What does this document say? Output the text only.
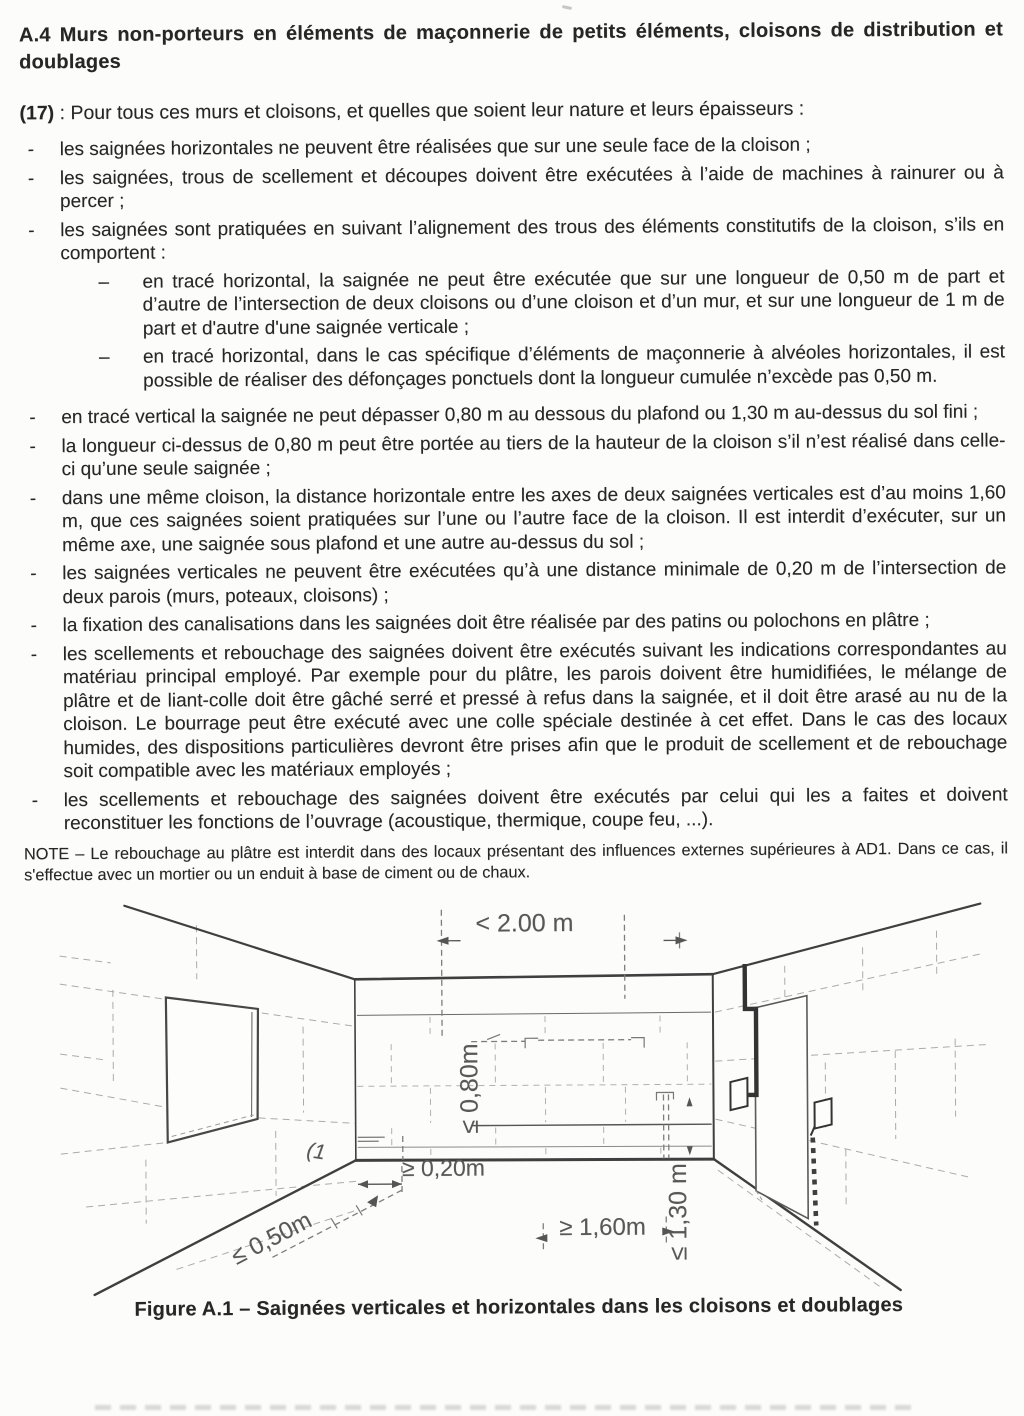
A.4 Murs non-porteurs en éléments de maçonnerie de petits éléments, cloisons de distribution et doublages

(17) : Pour tous ces murs et cloisons, et quelles que soient leur nature et leurs épaisseurs :

- les saignées horizontales ne peuvent être réalisées que sur une seule face de la cloison ;
- les saignées, trous de scellement et découpes doivent être exécutées à l’aide de machines à rainurer ou à percer ;
- les saignées sont pratiquées en suivant l’alignement des trous des éléments constitutifs de la cloison, s’ils en comportent :
– en tracé horizontal, la saignée ne peut être exécutée que sur une longueur de 0,50 m de part et d’autre de l’intersection de deux cloisons ou d’une cloison et d’un mur, et sur une longueur de 1 m de part et d'autre d'une saignée verticale ;
– en tracé horizontal, dans le cas spécifique d’éléments de maçonnerie à alvéoles horizontales, il est possible de réaliser des défonçages ponctuels dont la longueur cumulée n’excède pas 0,50 m.
- en tracé vertical la saignée ne peut dépasser 0,80 m au dessous du plafond ou 1,30 m au-dessus du sol fini ;
- la longueur ci-dessus de 0,80 m peut être portée au tiers de la hauteur de la cloison s’il n’est réalisé dans celle-ci qu’une seule saignée ;
- dans une même cloison, la distance horizontale entre les axes de deux saignées verticales est d’au moins 1,60 m, que ces saignées soient pratiquées sur l’une ou l’autre face de la cloison. Il est interdit d’exécuter, sur un même axe, une saignée sous plafond et une autre au-dessus du sol ;
- les saignées verticales ne peuvent être exécutées qu’à une distance minimale de 0,20 m de l’intersection de deux parois (murs, poteaux, cloisons) ;
- la fixation des canalisations dans les saignées doit être réalisée par des patins ou polochons en plâtre ;
- les scellements et rebouchage des saignées doivent être exécutés suivant les indications correspondantes au matériau principal employé. Par exemple pour du plâtre, les parois doivent être humidifiées, le mélange de plâtre et de liant-colle doit être gâché serré et pressé à refus dans la saignée, et il doit être arasé au nu de la cloison. Le bourrage peut être exécuté avec une colle spéciale destinée à cet effet. Dans le cas des locaux humides, des dispositions particulières devront être prises afin que le produit de scellement et de rebouchage soit compatible avec les matériaux employés ;
- les scellements et rebouchage des saignées doivent être exécutés par celui qui les a faites et doivent reconstituer les fonctions de l’ouvrage (acoustique, thermique, coupe feu, ...).

NOTE – Le rebouchage au plâtre est interdit dans des locaux présentant des influences externes supérieures à AD1. Dans ce cas, il s'effectue avec un mortier ou un enduit à base de ciment ou de chaux.

< 2.00 m
≤ 0,80m
≥ 0,20m
≤ 0,50m	≥ 1,60m ≤ 1,30 m
(1

Figure A.1 – Saignées verticales et horizontales dans les cloisons et doublages
